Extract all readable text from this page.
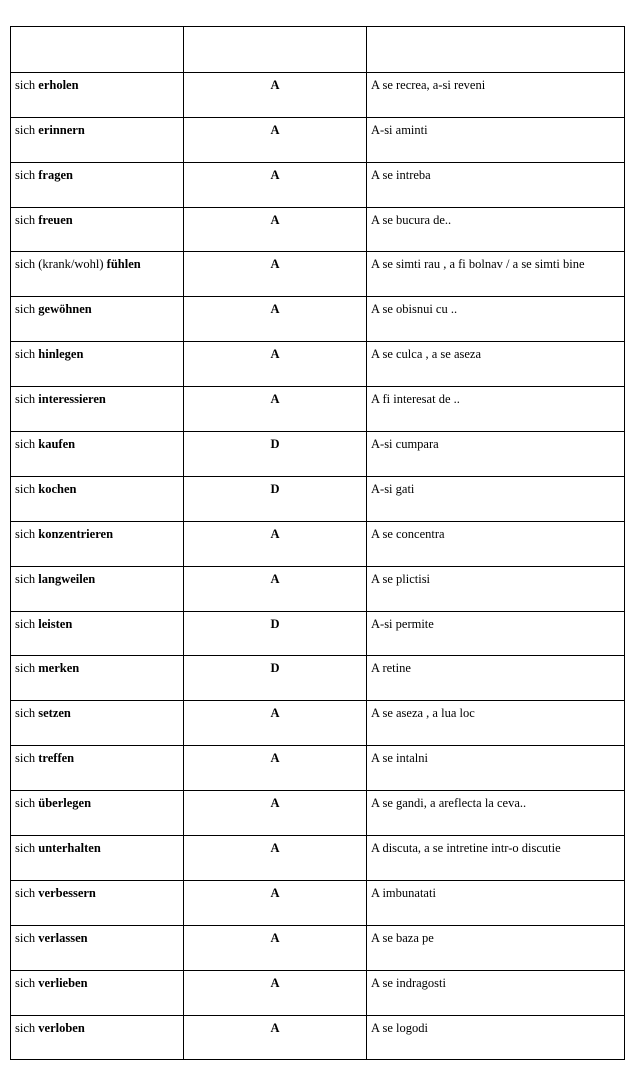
sich erholen	A	A se recrea, a-si reveni

sich erinnern	A	A-si aminti

sich fragen	A	A se intreba

sich freuen	A	A se bucura de..

sich (krank/wohl) fühlen	A	A se simti rau , a fi bolnav / a se simti bine

sich gewöhnen	A	A se obisnui cu ..

sich hinlegen	A	A se culca , a se aseza

sich interessieren	A	A fi interesat de ..

sich kaufen	D	A-si cumpara

sich kochen	D	A-si gati

sich konzentrieren	A	A se concentra

sich langweilen	A	A se plictisi

sich leisten	D	A-si permite

sich merken	D	A retine

sich setzen	A	A se aseza , a lua loc

sich treffen	A	A se intalni

sich überlegen	A	A se gandi, a areflecta la ceva..

sich unterhalten	A	A discuta, a se intretine intr-o discutie

sich verbessern	A	A imbunatati

sich verlassen	A	A se baza pe

sich verlieben	A	A se indragosti

sich verloben	A	A se logodi
